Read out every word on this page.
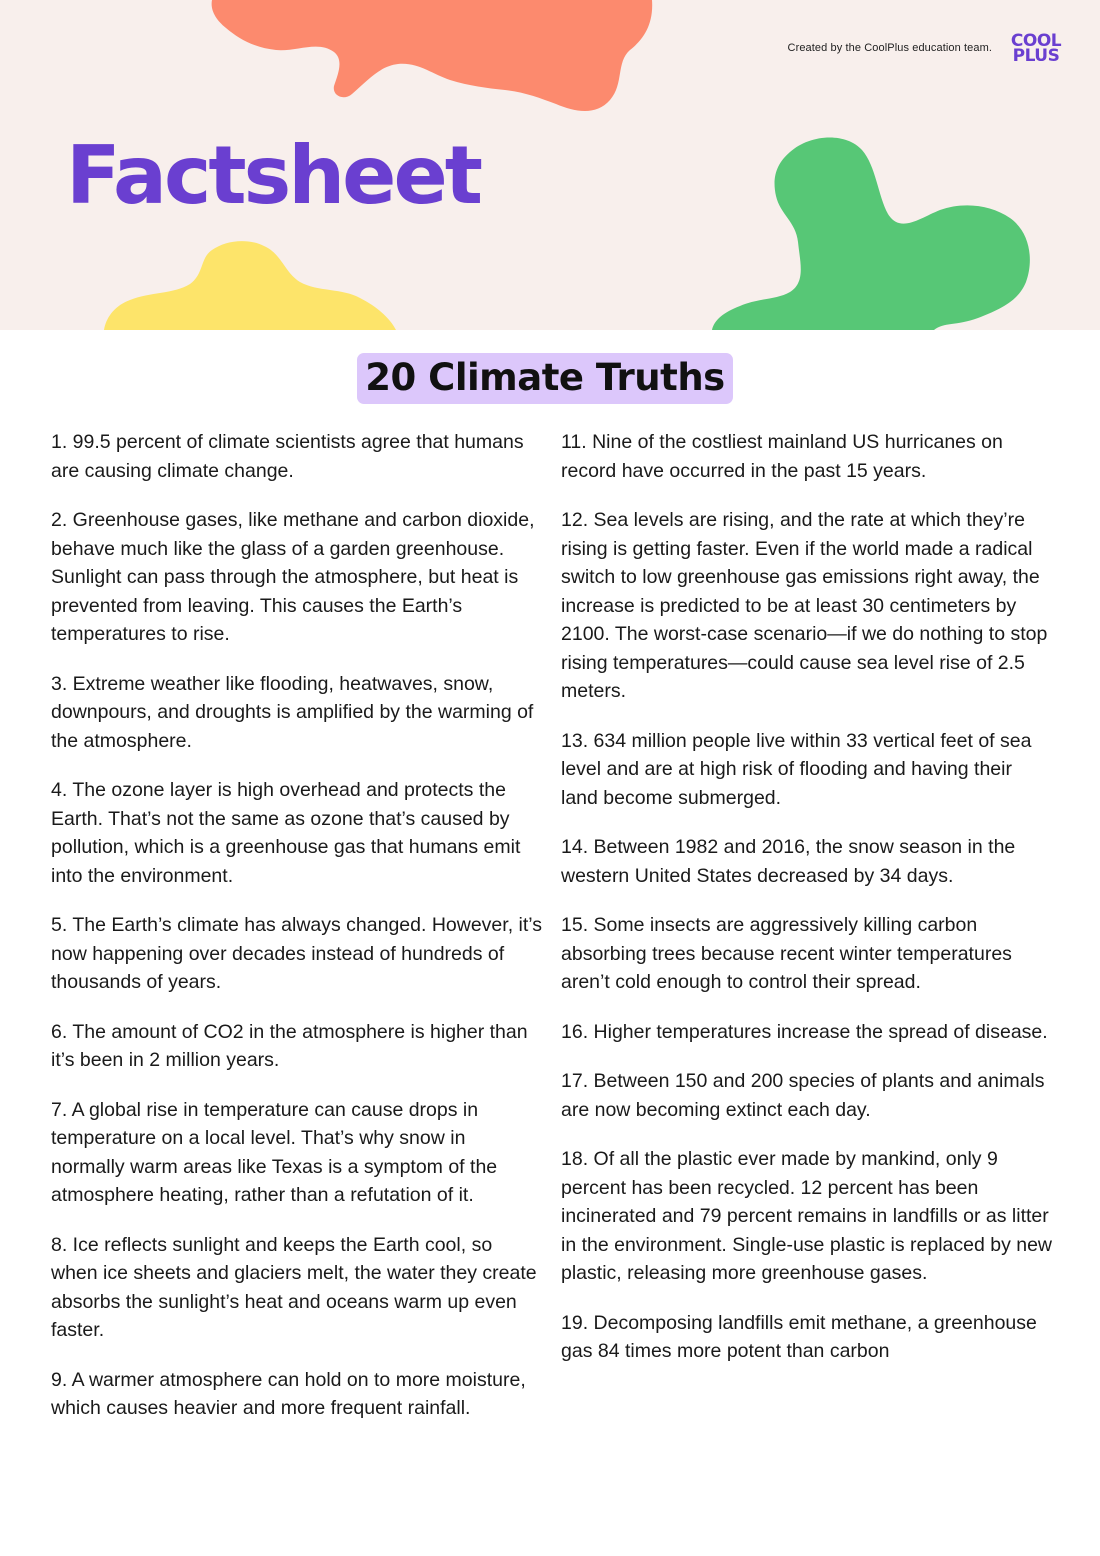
Created by the CoolPlus education team.	COOL
PLUS
Factsheet
20 Climate Truths

1. 99.5 percent of climate scientists agree that humans are causing climate change.

2. Greenhouse gases, like methane and carbon dioxide, behave much like the glass of a garden greenhouse. Sunlight can pass through the atmosphere, but heat is prevented from leaving. This causes the Earth’s temperatures to rise.

3. Extreme weather like flooding, heatwaves, snow, downpours, and droughts is amplified by the warming of the atmosphere.

4. The ozone layer is high overhead and protects the Earth. That’s not the same as ozone that’s caused by pollution, which is a greenhouse gas that humans emit into the environment.

5. The Earth’s climate has always changed. However, it’s now happening over decades instead of hundreds of thousands of years.

6. The amount of CO2 in the atmosphere is higher than it’s been in 2 million years.

7. A global rise in temperature can cause drops in temperature on a local level. That’s why snow in normally warm areas like Texas is a symptom of the atmosphere heating, rather than a refutation of it.

8. Ice reflects sunlight and keeps the Earth cool, so when ice sheets and glaciers melt, the water they create absorbs the sunlight’s heat and oceans warm up even faster.

9. A warmer atmosphere can hold on to more moisture, which causes heavier and more frequent rainfall.

11. Nine of the costliest mainland US hurricanes on record have occurred in the past 15 years.

12. Sea levels are rising, and the rate at which they’re rising is getting faster. Even if the world made a radical switch to low greenhouse gas emissions right away, the increase is predicted to be at least 30 centimeters by 2100. The worst-case scenario—if we do nothing to stop rising temperatures—could cause sea level rise of 2.5 meters.

13. 634 million people live within 33 vertical feet of sea level and are at high risk of flooding and having their land become submerged.

14. Between 1982 and 2016, the snow season in the western United States decreased by 34 days.

15. Some insects are aggressively killing carbon absorbing trees because recent winter temperatures aren’t cold enough to control their spread.

16. Higher temperatures increase the spread of disease.

17. Between 150 and 200 species of plants and animals are now becoming extinct each day.

18. Of all the plastic ever made by mankind, only 9 percent has been recycled. 12 percent has been incinerated and 79 percent remains in landfills or as litter in the environment. Single-use plastic is replaced by new plastic, releasing more greenhouse gases.

19. Decomposing landfills emit methane, a greenhouse gas 84 times more potent than carbon
